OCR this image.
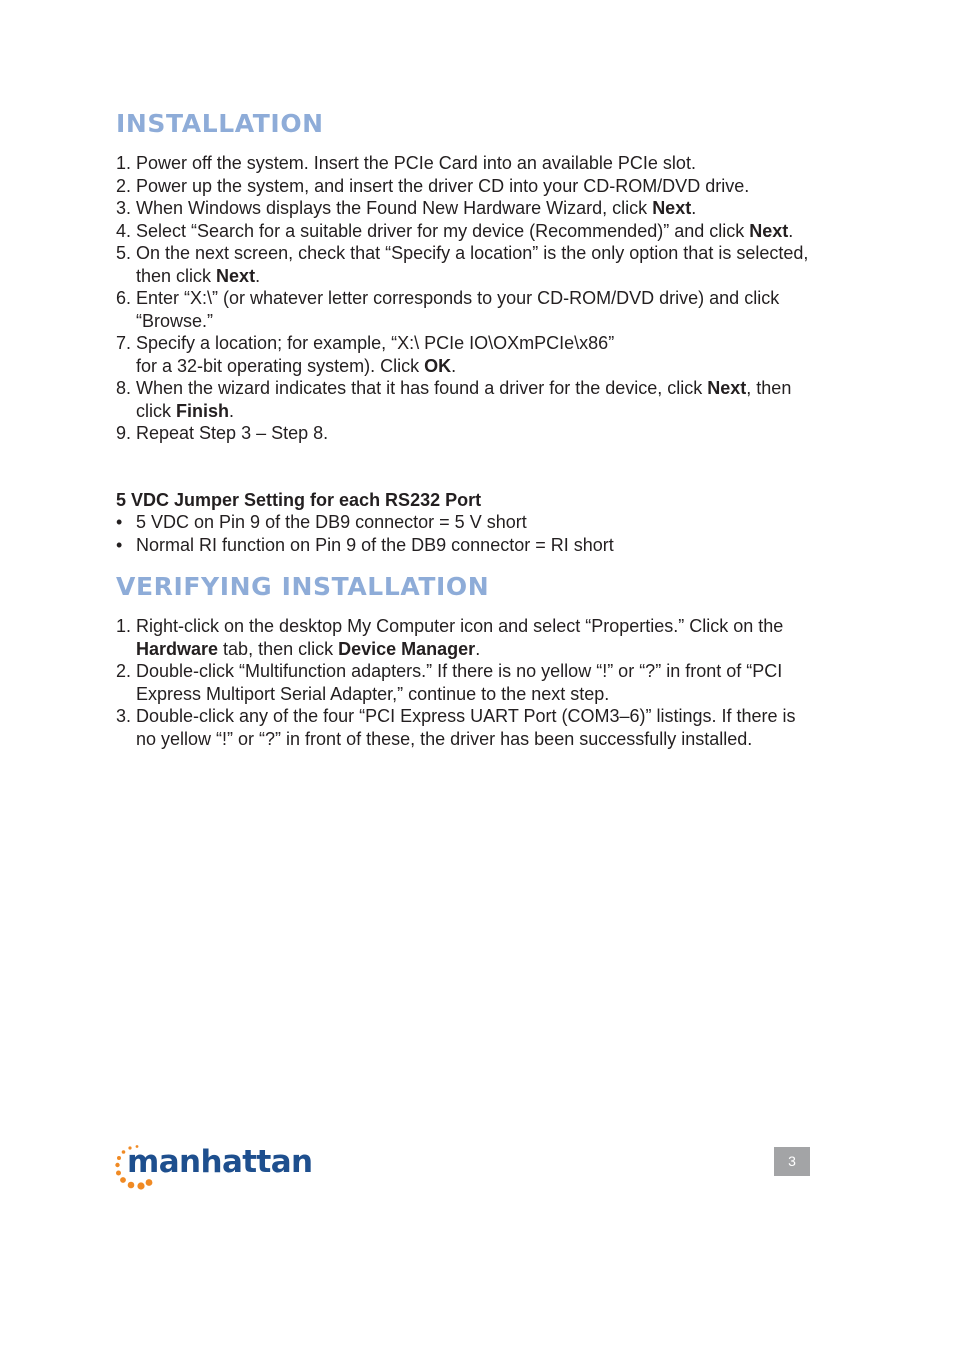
INSTALLATION
1. Power off the system. Insert the PCIe Card into an available PCIe slot.
2. Power up the system, and insert the driver CD into your CD-ROM/DVD drive.
3. When Windows displays the Found New Hardware Wizard, click Next.
4. Select “Search for a suitable driver for my device (Recommended)” and click Next.
5. On the next screen, check that “Specify a location” is the only option that is selected, then click Next.
6. Enter “X:\” (or whatever letter corresponds to your CD-ROM/DVD drive) and click “Browse.”
7. Specify a location; for example, “X:\ PCIe IO\OXmPCIe\x86”
for a 32-bit operating system). Click OK.
8. When the wizard indicates that it has found a driver for the device, click Next, then click Finish.
9. Repeat Step 3 – Step 8.
5 VDC Jumper Setting for each RS232 Port
• 5 VDC on Pin 9 of the DB9 connector = 5 V short
• Normal RI function on Pin 9 of the DB9 connector = RI short
VERIFYING INSTALLATION
1. Right-click on the desktop My Computer icon and select “Properties.” Click on the Hardware tab, then click Device Manager.
2. Double-click “Multifunction adapters.” If there is no yellow “!” or “?” in front of “PCI Express Multiport Serial Adapter,” continue to the next step.
3. Double-click any of the four “PCI Express UART Port (COM3–6)” listings. If there is no yellow “!” or “?” in front of these, the driver has been successfully installed.
manhattan	3
